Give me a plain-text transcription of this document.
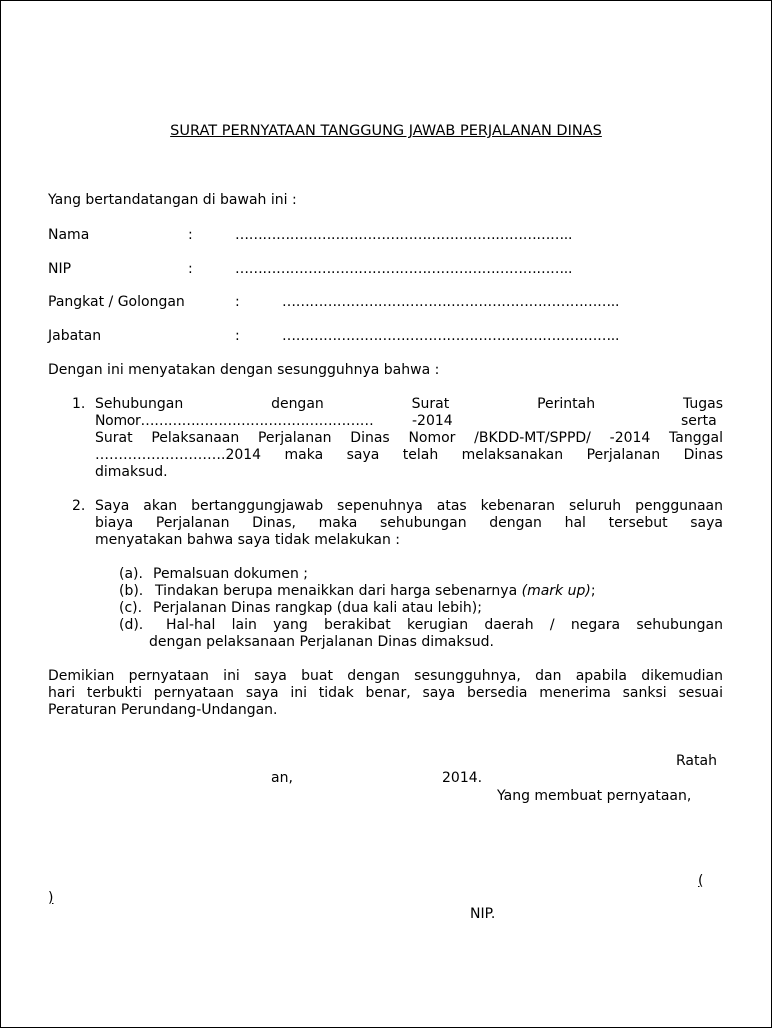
SURAT PERNYATAAN TANGGUNG JAWAB PERJALANAN DINAS
Yang bertandatangan di bawah ini :
Nama	:	………………………………………………………………..
NIP	:	………………………………………………………………..
Pangkat / Golongan	:	………………………………………………………………..
Jabatan	:	………………………………………………………………..
Dengan ini menyatakan dengan sesungguhnya bahwa :
1. Sehubungan	dengan	Surat	Perintah	Tugas
Nomor……………………………………………	-2014	serta
Surat Pelaksanaan Perjalanan Dinas Nomor /BKDD-MT/SPPD/ -2014 Tanggal
……………………….2014 maka saya telah melaksanakan Perjalanan Dinas
dimaksud.
2. Saya akan bertanggungjawab sepenuhnya atas kebenaran seluruh penggunaan
biaya Perjalanan Dinas, maka sehubungan dengan hal tersebut saya
menyatakan bahwa saya tidak melakukan :
(a). Pemalsuan dokumen ;
(b). Tindakan berupa menaikkan dari harga sebenarnya (mark up);
(c). Perjalanan Dinas rangkap (dua kali atau lebih);
(d). Hal-hal lain yang berakibat kerugian daerah / negara sehubungan
dengan pelaksanaan Perjalanan Dinas dimaksud.
Demikian pernyataan ini saya buat dengan sesungguhnya, dan apabila dikemudian
hari terbukti pernyataan saya ini tidak benar, saya bersedia menerima sanksi sesuai
Peraturan Perundang-Undangan.
Ratah
an,	2014.
Yang membuat pernyataan,
(
)
NIP.
